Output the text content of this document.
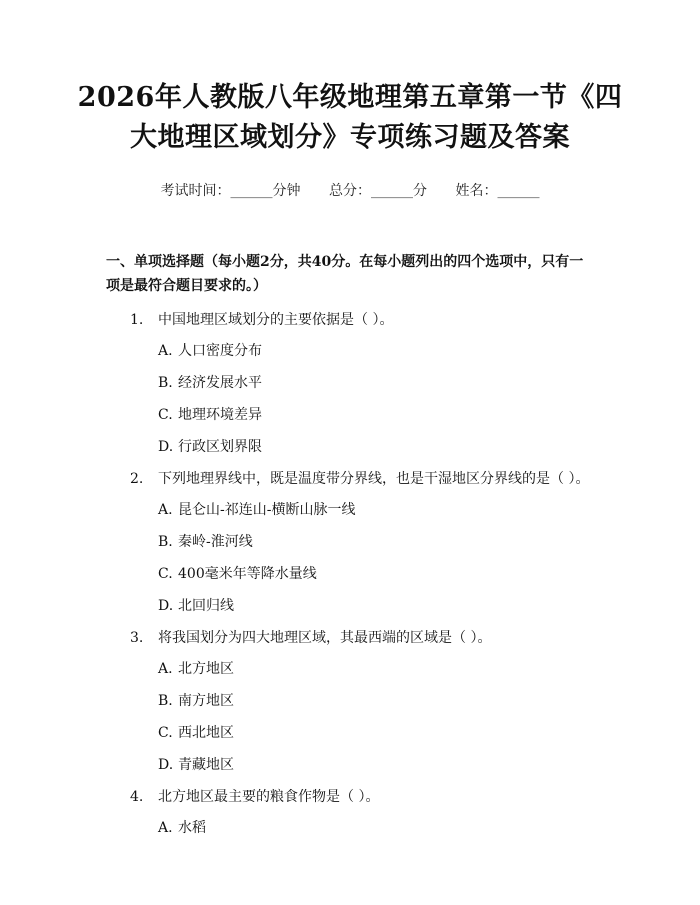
2026年人教版八年级地理第五章第一节《四大地理区域划分》专项练习题及答案
考试时间：______分钟 总分：______分 姓名：______
一、单项选择题（每小题2分，共40分。在每小题列出的四个选项中，只有一项是最符合题目要求的。）
1. 中国地理区域划分的主要依据是（ ）。
A. 人口密度分布
B. 经济发展水平
C. 地理环境差异
D. 行政区划界限
2. 下列地理界线中，既是温度带分界线，也是干湿地区分界线的是（ ）。
A. 昆仑山-祁连山-横断山脉一线
B. 秦岭-淮河线
C. 400毫米年等降水量线
D. 北回归线
3. 将我国划分为四大地理区域，其最西端的区域是（ ）。
A. 北方地区
B. 南方地区
C. 西北地区
D. 青藏地区
4. 北方地区最主要的粮食作物是（ ）。
A. 水稻
